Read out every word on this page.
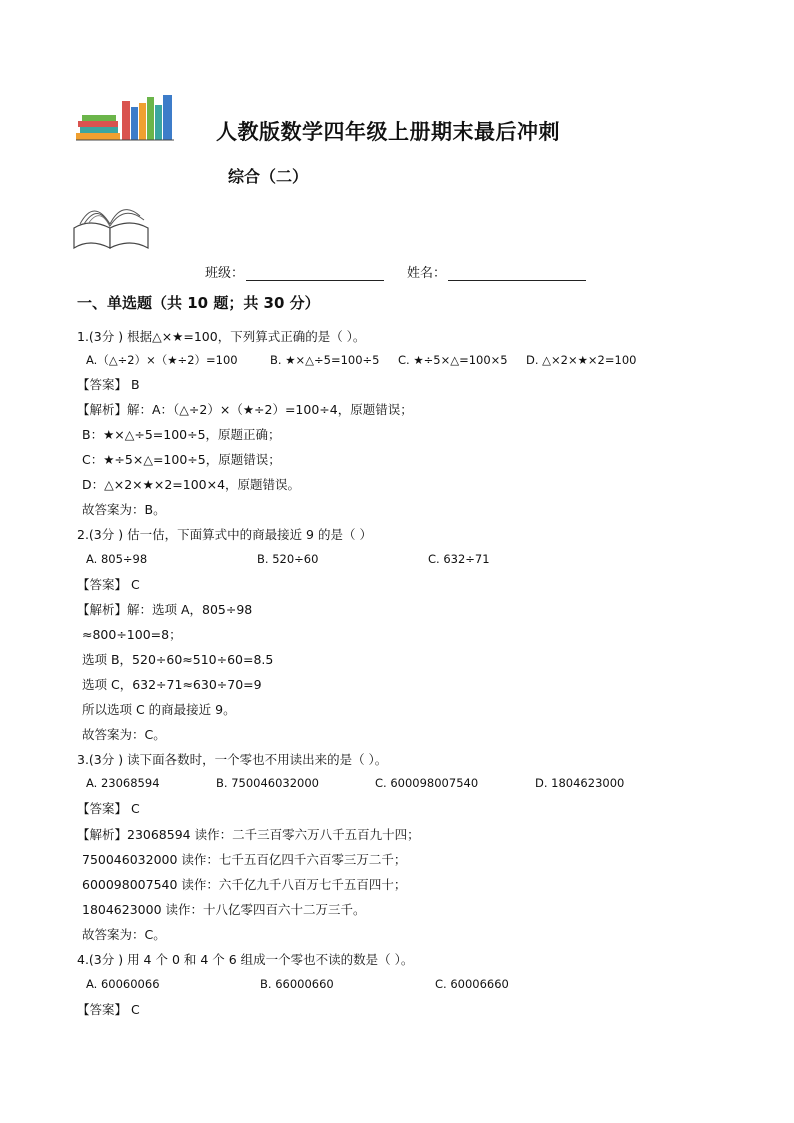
人教版数学四年级上册期末最后冲刺
综合（二）
班级：	姓名：
一、单选题（共 10 题；共 30 分）
1.(3分 ) 根据△×★=100，下列算式正确的是（ ）。
A.（△÷2）×（★÷2）=100	B. ★×△÷5=100÷5 C. ★÷5×△=100×5 D. △×2×★×2=100
【答案】 B
【解析】解：A：（△÷2）×（★÷2）=100÷4，原题错误；
B：★×△÷5=100÷5，原题正确；
C：★÷5×△=100÷5，原题错误；
D：△×2×★×2=100×4，原题错误。
故答案为：B。
2.(3分 ) 估一估，下面算式中的商最接近 9 的是（ ）
A. 805÷98	B. 520÷60	C. 632÷71
【答案】 C
【解析】解：选项 A，805÷98
≈800÷100=8；
选项 B，520÷60≈510÷60=8.5
选项 C，632÷71≈630÷70=9
所以选项 C 的商最接近 9。
故答案为：C。
3.(3分 ) 读下面各数时，一个零也不用读出来的是（ ）。
A. 23068594	B. 750046032000	C. 600098007540	D. 1804623000
【答案】 C
【解析】23068594 读作：二千三百零六万八千五百九十四；
750046032000 读作：七千五百亿四千六百零三万二千；
600098007540 读作：六千亿九千八百万七千五百四十；
1804623000 读作：十八亿零四百六十二万三千。
故答案为：C。
4.(3分 ) 用 4 个 0 和 4 个 6 组成一个零也不读的数是（ ）。
A. 60060066	B. 66000660	C. 60006660
【答案】 C
